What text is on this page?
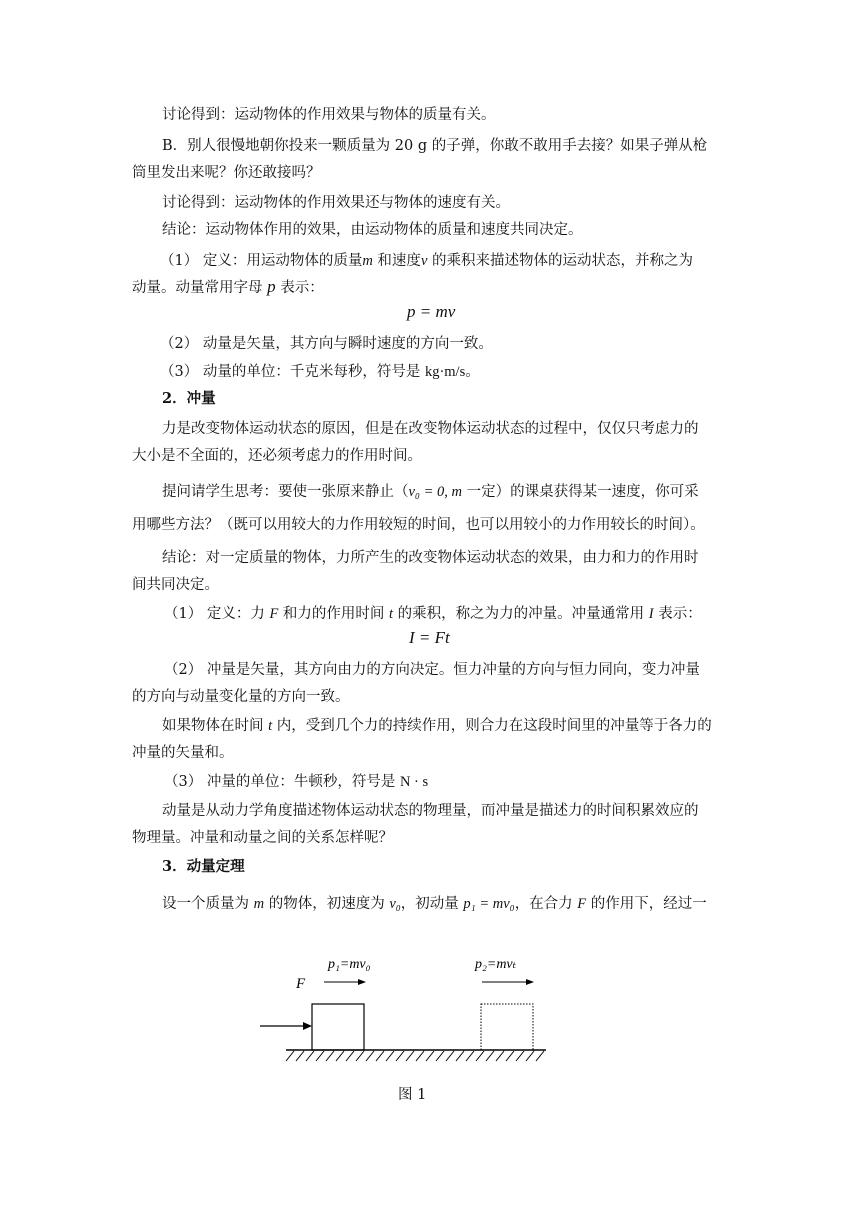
讨论得到：运动物体的作用效果与物体的质量有关。
B．别人很慢地朝你投来一颗质量为 20 g 的子弹，你敢不敢用手去接？如果子弹从枪
筒里发出来呢？你还敢接吗？
讨论得到：运动物体的作用效果还与物体的速度有关。
结论：运动物体作用的效果，由运动物体的质量和速度共同决定。
（1） 定义：用运动物体的质量m 和速度v 的乘积来描述物体的运动状态，并称之为
动量。动量常用字母 p 表示：
p = mv
（2） 动量是矢量，其方向与瞬时速度的方向一致。
（3） 动量的单位：千克米每秒，符号是 kg·m/s。
2．冲量
力是改变物体运动状态的原因，但是在改变物体运动状态的过程中，仅仅只考虑力的
大小是不全面的，还必须考虑力的作用时间。
提问请学生思考：要使一张原来静止（v₀ = 0, m 一定）的课桌获得某一速度，你可采
用哪些方法？（既可以用较大的力作用较短的时间，也可以用较小的力作用较长的时间）。
结论：对一定质量的物体，力所产生的改变物体运动状态的效果，由力和力的作用时
间共同决定。
（1） 定义：力 F 和力的作用时间 t 的乘积，称之为力的冲量。冲量通常用 I 表示：
I = Ft
（2） 冲量是矢量，其方向由力的方向决定。恒力冲量的方向与恒力同向，变力冲量
的方向与动量变化量的方向一致。
如果物体在时间 t 内，受到几个力的持续作用，则合力在这段时间里的冲量等于各力的
冲量的矢量和。
（3） 冲量的单位：牛顿秒，符号是 N · s
动量是从动力学角度描述物体运动状态的物理量，而冲量是描述力的时间积累效应的
物理量。冲量和动量之间的关系怎样呢？
3．动量定理
设一个质量为 m 的物体，初速度为 v₀，初动量 p₁ = mv₀，在合力 F 的作用下，经过一
p₁=mv₀	p₂=mvₜ
F
图 1
